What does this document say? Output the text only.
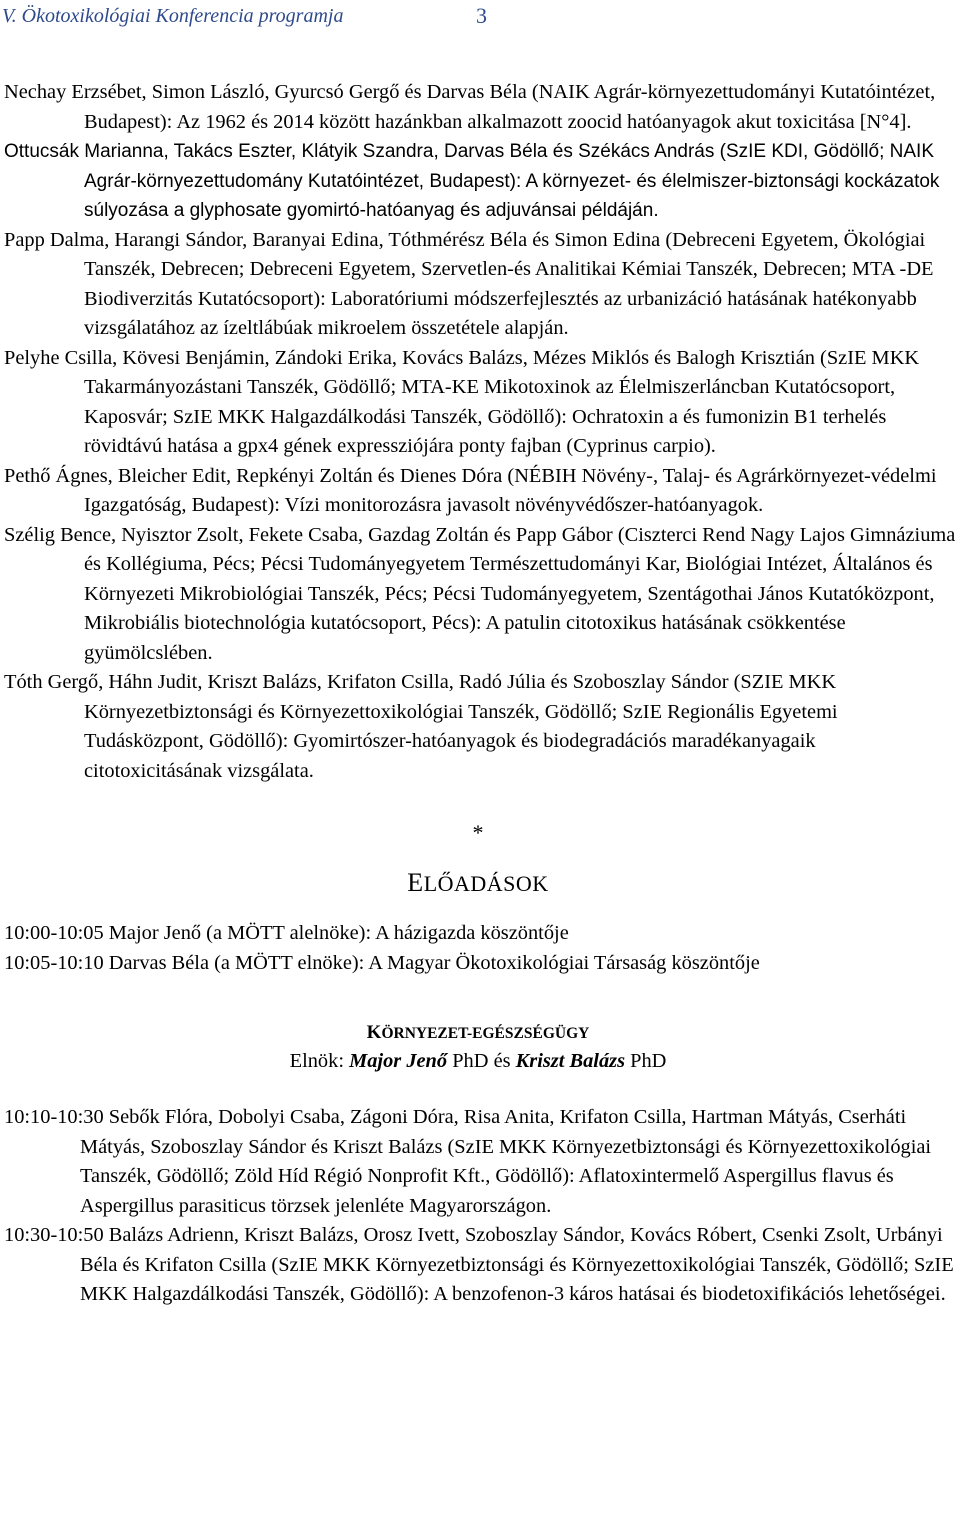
V. Ökotoxikológiai Konferencia programja	3

Nechay Erzsébet, Simon László, Gyurcsó Gergő és Darvas Béla (NAIK Agrár-környezettudományi Kutatóintézet, Budapest): Az 1962 és 2014 között hazánkban alkalmazott zoocid hatóanyagok akut toxicitása [N°4].

Ottucsák Marianna, Takács Eszter, Klátyik Szandra, Darvas Béla és Székács András (SzIE KDI, Gödöllő; NAIK Agrár-környezettudomány Kutatóintézet, Budapest): A környezet- és élelmiszer-biztonsági kockázatok súlyozása a glyphosate gyomirtó-hatóanyag és adjuvánsai példáján.

Papp Dalma, Harangi Sándor, Baranyai Edina, Tóthmérész Béla és Simon Edina (Debreceni Egyetem, Ökológiai Tanszék, Debrecen; Debreceni Egyetem, Szervetlen-és Analitikai Kémiai Tanszék, Debrecen; MTA -DE Biodiverzitás Kutatócsoport): Laboratóriumi módszerfejlesztés az urbanizáció hatásának hatékonyabb vizsgálatához az ízeltlábúak mikroelem összetétele alapján.

Pelyhe Csilla, Kövesi Benjámin, Zándoki Erika, Kovács Balázs, Mézes Miklós és Balogh Krisztián (SzIE MKK Takarmányozástani Tanszék, Gödöllő; MTA-KE Mikotoxinok az Élelmiszerláncban Kutatócsoport, Kaposvár; SzIE MKK Halgazdálkodási Tanszék, Gödöllő): Ochratoxin a és fumonizin B1 terhelés rövidtávú hatása a gpx4 gének expressziójára ponty fajban (Cyprinus carpio).

Pethő Ágnes, Bleicher Edit, Repkényi Zoltán és Dienes Dóra (NÉBIH Növény-, Talaj- és Agrárkörnyezet-védelmi Igazgatóság, Budapest): Vízi monitorozásra javasolt növényvédőszer-hatóanyagok.

Szélig Bence, Nyisztor Zsolt, Fekete Csaba, Gazdag Zoltán és Papp Gábor (Ciszterci Rend Nagy Lajos Gimnáziuma és Kollégiuma, Pécs; Pécsi Tudományegyetem Természettudományi Kar, Biológiai Intézet, Általános és Környezeti Mikrobiológiai Tanszék, Pécs; Pécsi Tudományegyetem, Szentágothai János Kutatóközpont, Mikrobiális biotechnológia kutatócsoport, Pécs): A patulin citotoxikus hatásának csökkentése gyümölcslében.

Tóth Gergő, Háhn Judit, Kriszt Balázs, Krifaton Csilla, Radó Júlia és Szoboszlay Sándor (SZIE MKK Környezetbiztonsági és Környezettoxikológiai Tanszék, Gödöllő; SzIE Regionális Egyetemi Tudásközpont, Gödöllő): Gyomirtószer-hatóanyagok és biodegradációs maradékanyagaik citotoxicitásának vizsgálata.

*
ELŐADÁSOK

10:00-10:05 Major Jenő (a MÖTT alelnöke): A házigazda köszöntője

10:05-10:10 Darvas Béla (a MÖTT elnöke): A Magyar Ökotoxikológiai Társaság köszöntője

KÖRNYEZET-EGÉSZSÉGÜGY
Elnök: Major Jenő PhD és Kriszt Balázs PhD

10:10-10:30 Sebők Flóra, Dobolyi Csaba, Zágoni Dóra, Risa Anita, Krifaton Csilla, Hartman Mátyás, Cserháti Mátyás, Szoboszlay Sándor és Kriszt Balázs (SzIE MKK Környezetbiztonsági és Környezettoxikológiai Tanszék, Gödöllő; Zöld Híd Régió Nonprofit Kft., Gödöllő): Aflatoxintermelő Aspergillus flavus és Aspergillus parasiticus törzsek jelenléte Magyarországon.

10:30-10:50 Balázs Adrienn, Kriszt Balázs, Orosz Ivett, Szoboszlay Sándor, Kovács Róbert, Csenki Zsolt, Urbányi Béla és Krifaton Csilla (SzIE MKK Környezetbiztonsági és Környezettoxikológiai Tanszék, Gödöllő; SzIE MKK Halgazdálkodási Tanszék, Gödöllő): A benzofenon-3 káros hatásai és biodetoxifikációs lehetőségei.
